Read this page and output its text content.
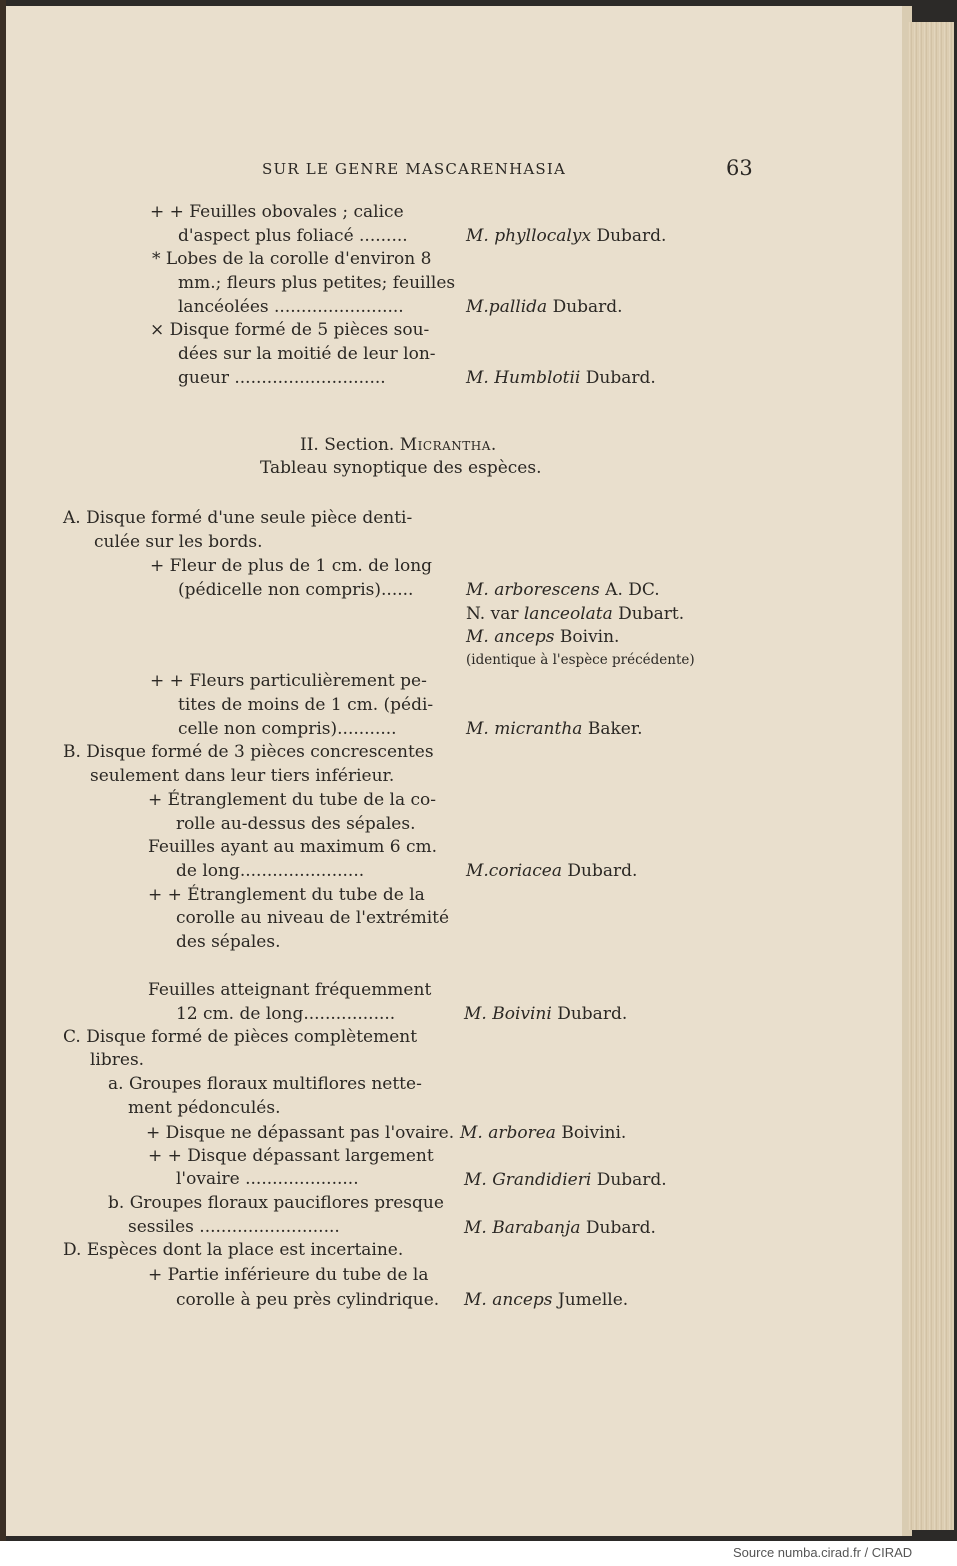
SUR LE GENRE MASCARENHASIA	63
+ + Feuilles obovales ; calice
d'aspect plus foliacé .........	M. phyllocalyx Dubard.
* Lobes de la corolle d'environ 8
mm.; fleurs plus petites; feuilles
lancéolées ........................	M.pallida Dubard.
⨯ Disque formé de 5 pièces sou-
dées sur la moitié de leur lon-
gueur ............................	M. Humblotii Dubard.
II. Section. Micrantha.
Tableau synoptique des espèces.
A. Disque formé d'une seule pièce denti-
culée sur les bords.
+ Fleur de plus de 1 cm. de long
(pédicelle non compris)......	M. arborescens A. DC.
N. var lanceolata Dubart.
M. anceps Boivin.
(identique à l'espèce précédente)
+ + Fleurs particulièrement pe-
tites de moins de 1 cm. (pédi-
celle non compris)...........	M. micrantha Baker.
B. Disque formé de 3 pièces concrescentes
seulement dans leur tiers inférieur.
+ Étranglement du tube de la co-
rolle au-dessus des sépales.
Feuilles ayant au maximum 6 cm.
de long.......................	M.coriacea Dubard.
+ + Étranglement du tube de la
corolle au niveau de l'extrémité
des sépales.
Feuilles atteignant fréquemment
12 cm. de long.................	M. Boivini Dubard.
C. Disque formé de pièces complètement
libres.
a. Groupes floraux multiflores nette-
ment pédonculés.
+ Disque ne dépassant pas l'ovaire. M. arborea Boivini.
+ + Disque dépassant largement
l'ovaire .....................	M. Grandidieri Dubard.
b. Groupes floraux pauciflores presque
sessiles ..........................	M. Barabanja Dubard.
D. Espèces dont la place est incertaine.
+ Partie inférieure du tube de la
corolle à peu près cylindrique. M. anceps Jumelle.
Source numba.cirad.fr / CIRAD
